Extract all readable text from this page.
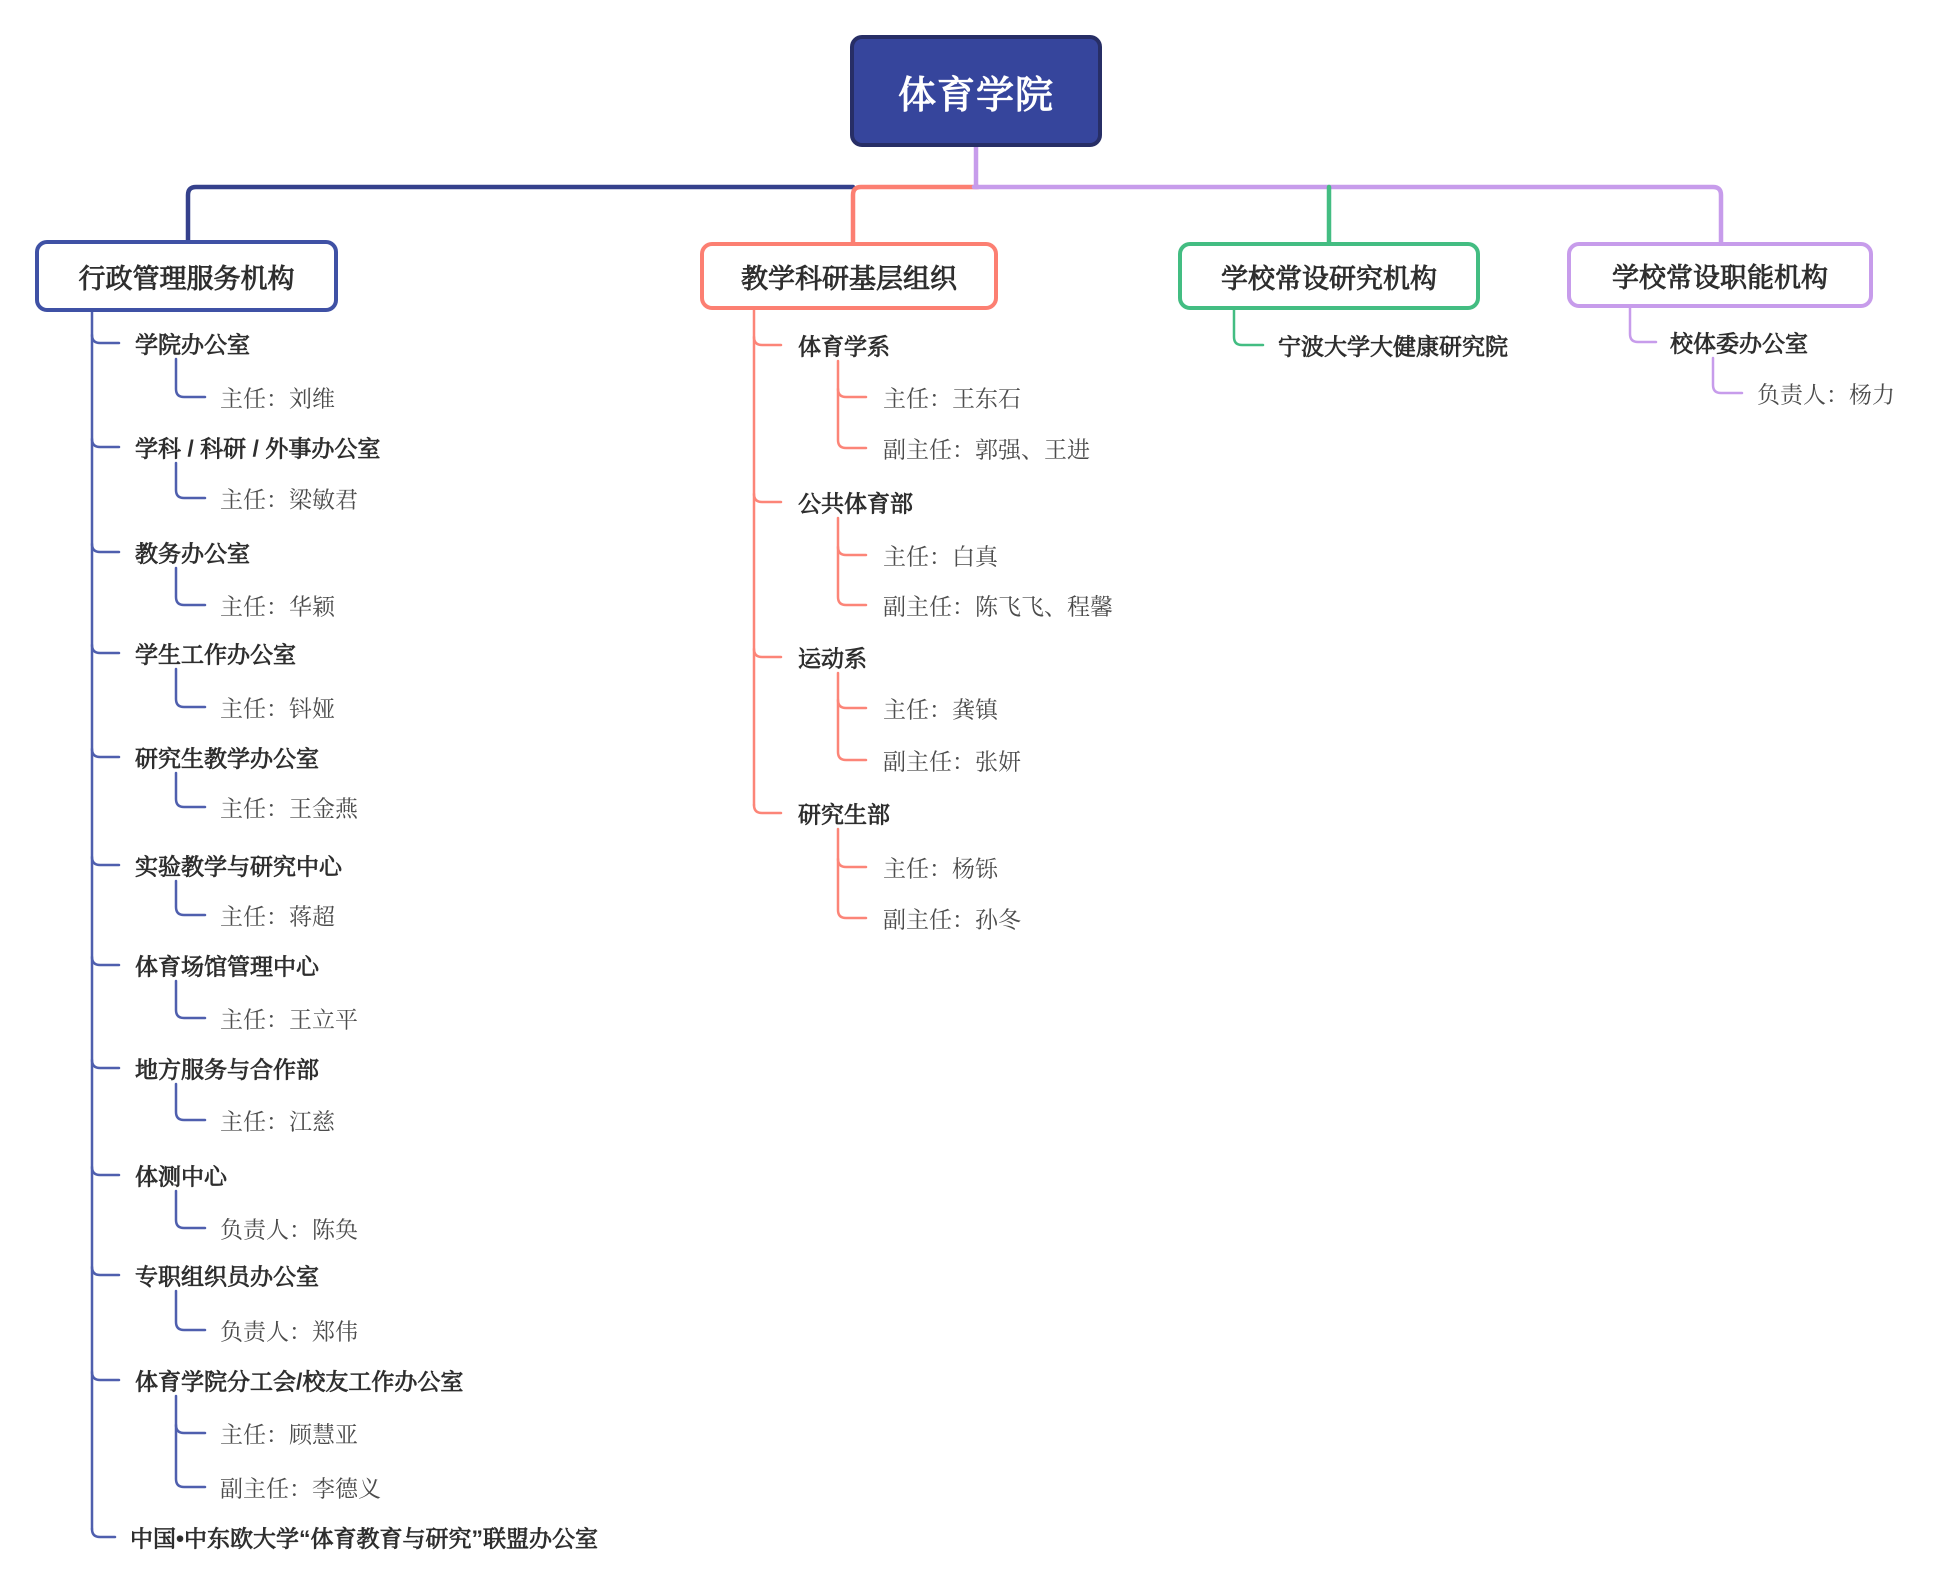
体育学院
行政管理服务机构	教学科研基层组织	学校常设研究机构	学校常设职能机构
学院办公室
主任：刘维
学科 / 科研 / 外事办公室
主任：梁敏君
教务办公室
主任：华颖
学生工作办公室
主任：钭娅
研究生教学办公室
主任：王金燕
实验教学与研究中心
主任：蒋超
体育场馆管理中心
主任：王立平
地方服务与合作部
主任：江慈
体测中心
负责人：陈奂
专职组织员办公室
负责人：郑伟
体育学院分工会/校友工作办公室
主任：顾慧亚
副主任：李德义
中国•中东欧大学“体育教育与研究”联盟办公室
体育学系
主任：王东石
副主任：郭强、王进
公共体育部
主任：白真
副主任：陈飞飞、程馨
运动系
主任：龚镇
副主任：张妍
研究生部
主任：杨铄
副主任：孙冬
宁波大学大健康研究院	校体委办公室
负责人：杨力
